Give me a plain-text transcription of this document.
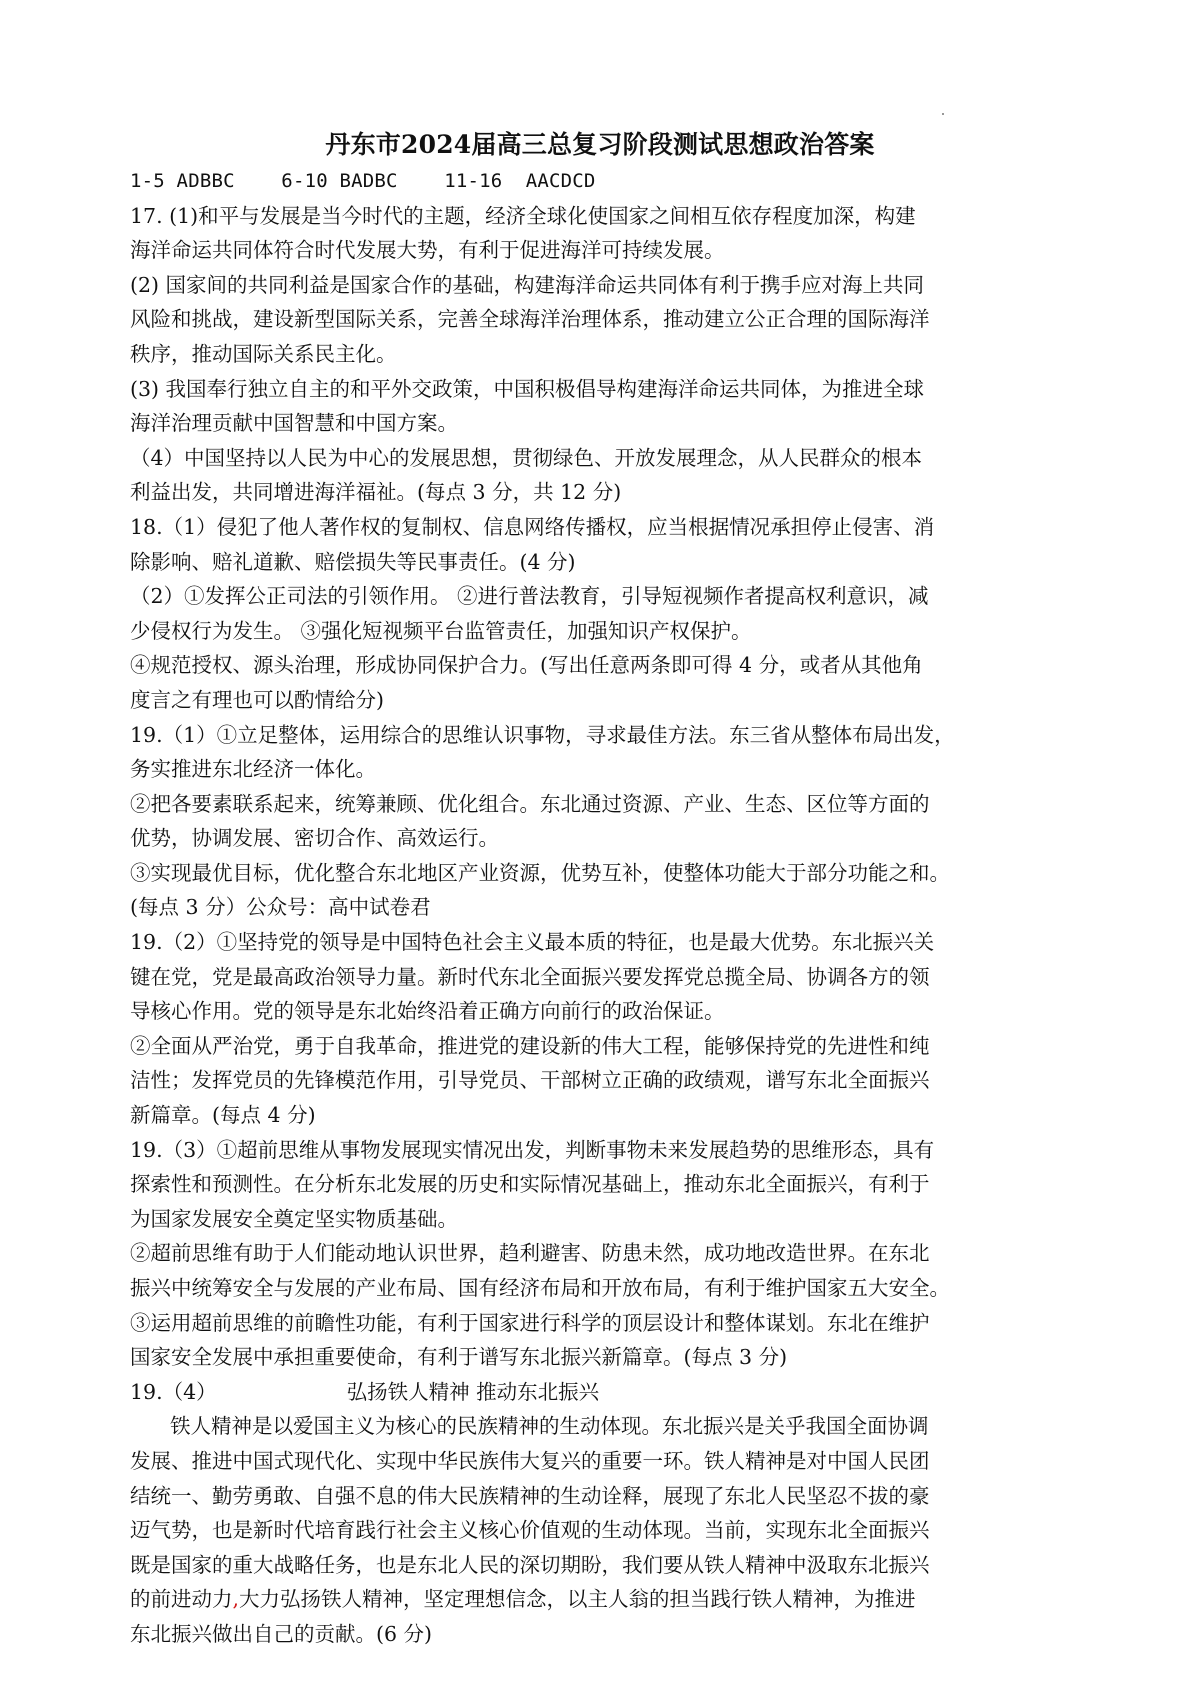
丹东市2024届高三总复习阶段测试思想政治答案
1-5 ADBBC    6-10 BADBC    11-16  AACDCD
17. (1)和平与发展是当今时代的主题，经济全球化使国家之间相互依存程度加深，构建
海洋命运共同体符合时代发展大势，有利于促进海洋可持续发展。
(2) 国家间的共同利益是国家合作的基础，构建海洋命运共同体有利于携手应对海上共同
风险和挑战，建设新型国际关系，完善全球海洋治理体系，推动建立公正合理的国际海洋
秩序，推动国际关系民主化。
(3) 我国奉行独立自主的和平外交政策，中国积极倡导构建海洋命运共同体，为推进全球
海洋治理贡献中国智慧和中国方案。
（4）中国坚持以人民为中心的发展思想，贯彻绿色、开放发展理念，从人民群众的根本
利益出发，共同增进海洋福祉。(每点 3 分，共 12 分)
18.（1）侵犯了他人著作权的复制权、信息网络传播权，应当根据情况承担停止侵害、消
除影响、赔礼道歉、赔偿损失等民事责任。(4 分)
（2）①发挥公正司法的引领作用。 ②进行普法教育，引导短视频作者提高权利意识，减
少侵权行为发生。 ③强化短视频平台监管责任，加强知识产权保护。
④规范授权、源头治理，形成协同保护合力。(写出任意两条即可得 4 分，或者从其他角
度言之有理也可以酌情给分)
19.（1）①立足整体，运用综合的思维认识事物，寻求最佳方法。东三省从整体布局出发，
务实推进东北经济一体化。
②把各要素联系起来，统筹兼顾、优化组合。东北通过资源、产业、生态、区位等方面的
优势，协调发展、密切合作、高效运行。
③实现最优目标，优化整合东北地区产业资源，优势互补，使整体功能大于部分功能之和。
(每点 3 分）公众号：高中试卷君
19.（2）①坚持党的领导是中国特色社会主义最本质的特征，也是最大优势。东北振兴关
键在党，党是最高政治领导力量。新时代东北全面振兴要发挥党总揽全局、协调各方的领
导核心作用。党的领导是东北始终沿着正确方向前行的政治保证。
②全面从严治党，勇于自我革命，推进党的建设新的伟大工程，能够保持党的先进性和纯
洁性；发挥党员的先锋模范作用，引导党员、干部树立正确的政绩观，谱写东北全面振兴
新篇章。(每点 4 分)
19.（3）①超前思维从事物发展现实情况出发，判断事物未来发展趋势的思维形态，具有
探索性和预测性。在分析东北发展的历史和实际情况基础上，推动东北全面振兴，有利于
为国家发展安全奠定坚实物质基础。
②超前思维有助于人们能动地认识世界，趋利避害、防患未然，成功地改造世界。在东北
振兴中统筹安全与发展的产业布局、国有经济布局和开放布局，有利于维护国家五大安全。
③运用超前思维的前瞻性功能，有利于国家进行科学的顶层设计和整体谋划。东北在维护
国家安全发展中承担重要使命，有利于谱写东北振兴新篇章。(每点 3 分)
19.（4）	弘扬铁人精神 推动东北振兴
铁人精神是以爱国主义为核心的民族精神的生动体现。东北振兴是关乎我国全面协调
发展、推进中国式现代化、实现中华民族伟大复兴的重要一环。铁人精神是对中国人民团
结统一、勤劳勇敢、自强不息的伟大民族精神的生动诠释，展现了东北人民坚忍不拔的豪
迈气势，也是新时代培育践行社会主义核心价值观的生动体现。当前，实现东北全面振兴
既是国家的重大战略任务，也是东北人民的深切期盼，我们要从铁人精神中汲取东北振兴
的前进动力,大力弘扬铁人精神，坚定理想信念，以主人翁的担当践行铁人精神，为推进
东北振兴做出自己的贡献。(6 分)
